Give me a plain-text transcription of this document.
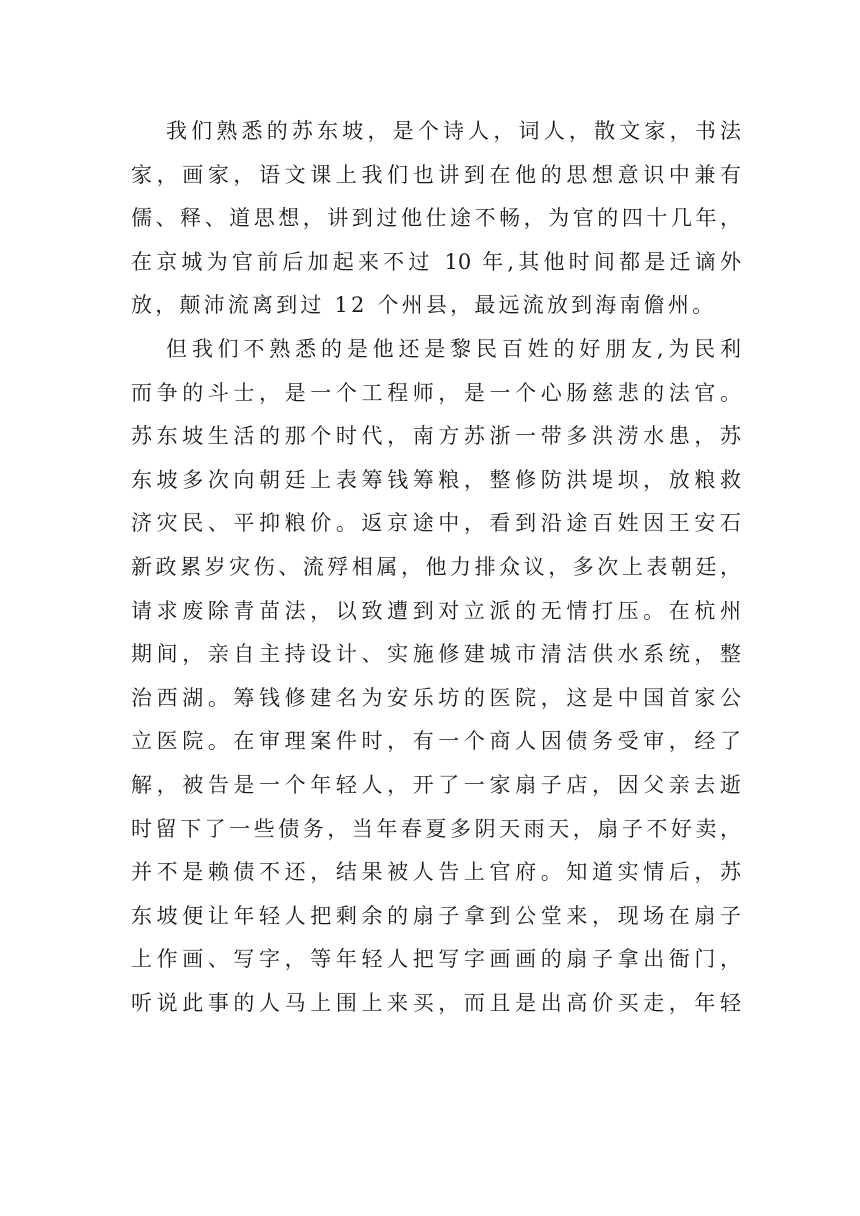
我们熟悉的苏东坡，是个诗人，词人，散文家，书法
家，画家，语文课上我们也讲到在他的思想意识中兼有
儒、释、道思想，讲到过他仕途不畅，为官的四十几年，
在京城为官前后加起来不过 10 年,其他时间都是迁谪外
放，颠沛流离到过 12 个州县，最远流放到海南儋州。
但我们不熟悉的是他还是黎民百姓的好朋友,为民利
而争的斗士，是一个工程师，是一个心肠慈悲的法官。
苏东坡生活的那个时代，南方苏浙一带多洪涝水患，苏
东坡多次向朝廷上表筹钱筹粮，整修防洪堤坝，放粮救
济灾民、平抑粮价。返京途中，看到沿途百姓因王安石
新政累岁灾伤、流殍相属，他力排众议，多次上表朝廷，
请求废除青苗法，以致遭到对立派的无情打压。在杭州
期间，亲自主持设计、实施修建城市清洁供水系统，整
治西湖。筹钱修建名为安乐坊的医院，这是中国首家公
立医院。在审理案件时，有一个商人因债务受审，经了
解，被告是一个年轻人，开了一家扇子店，因父亲去逝
时留下了一些债务，当年春夏多阴天雨天，扇子不好卖，
并不是赖债不还，结果被人告上官府。知道实情后，苏
东坡便让年轻人把剩余的扇子拿到公堂来，现场在扇子
上作画、写字，等年轻人把写字画画的扇子拿出衙门，
听说此事的人马上围上来买，而且是出高价买走，年轻
